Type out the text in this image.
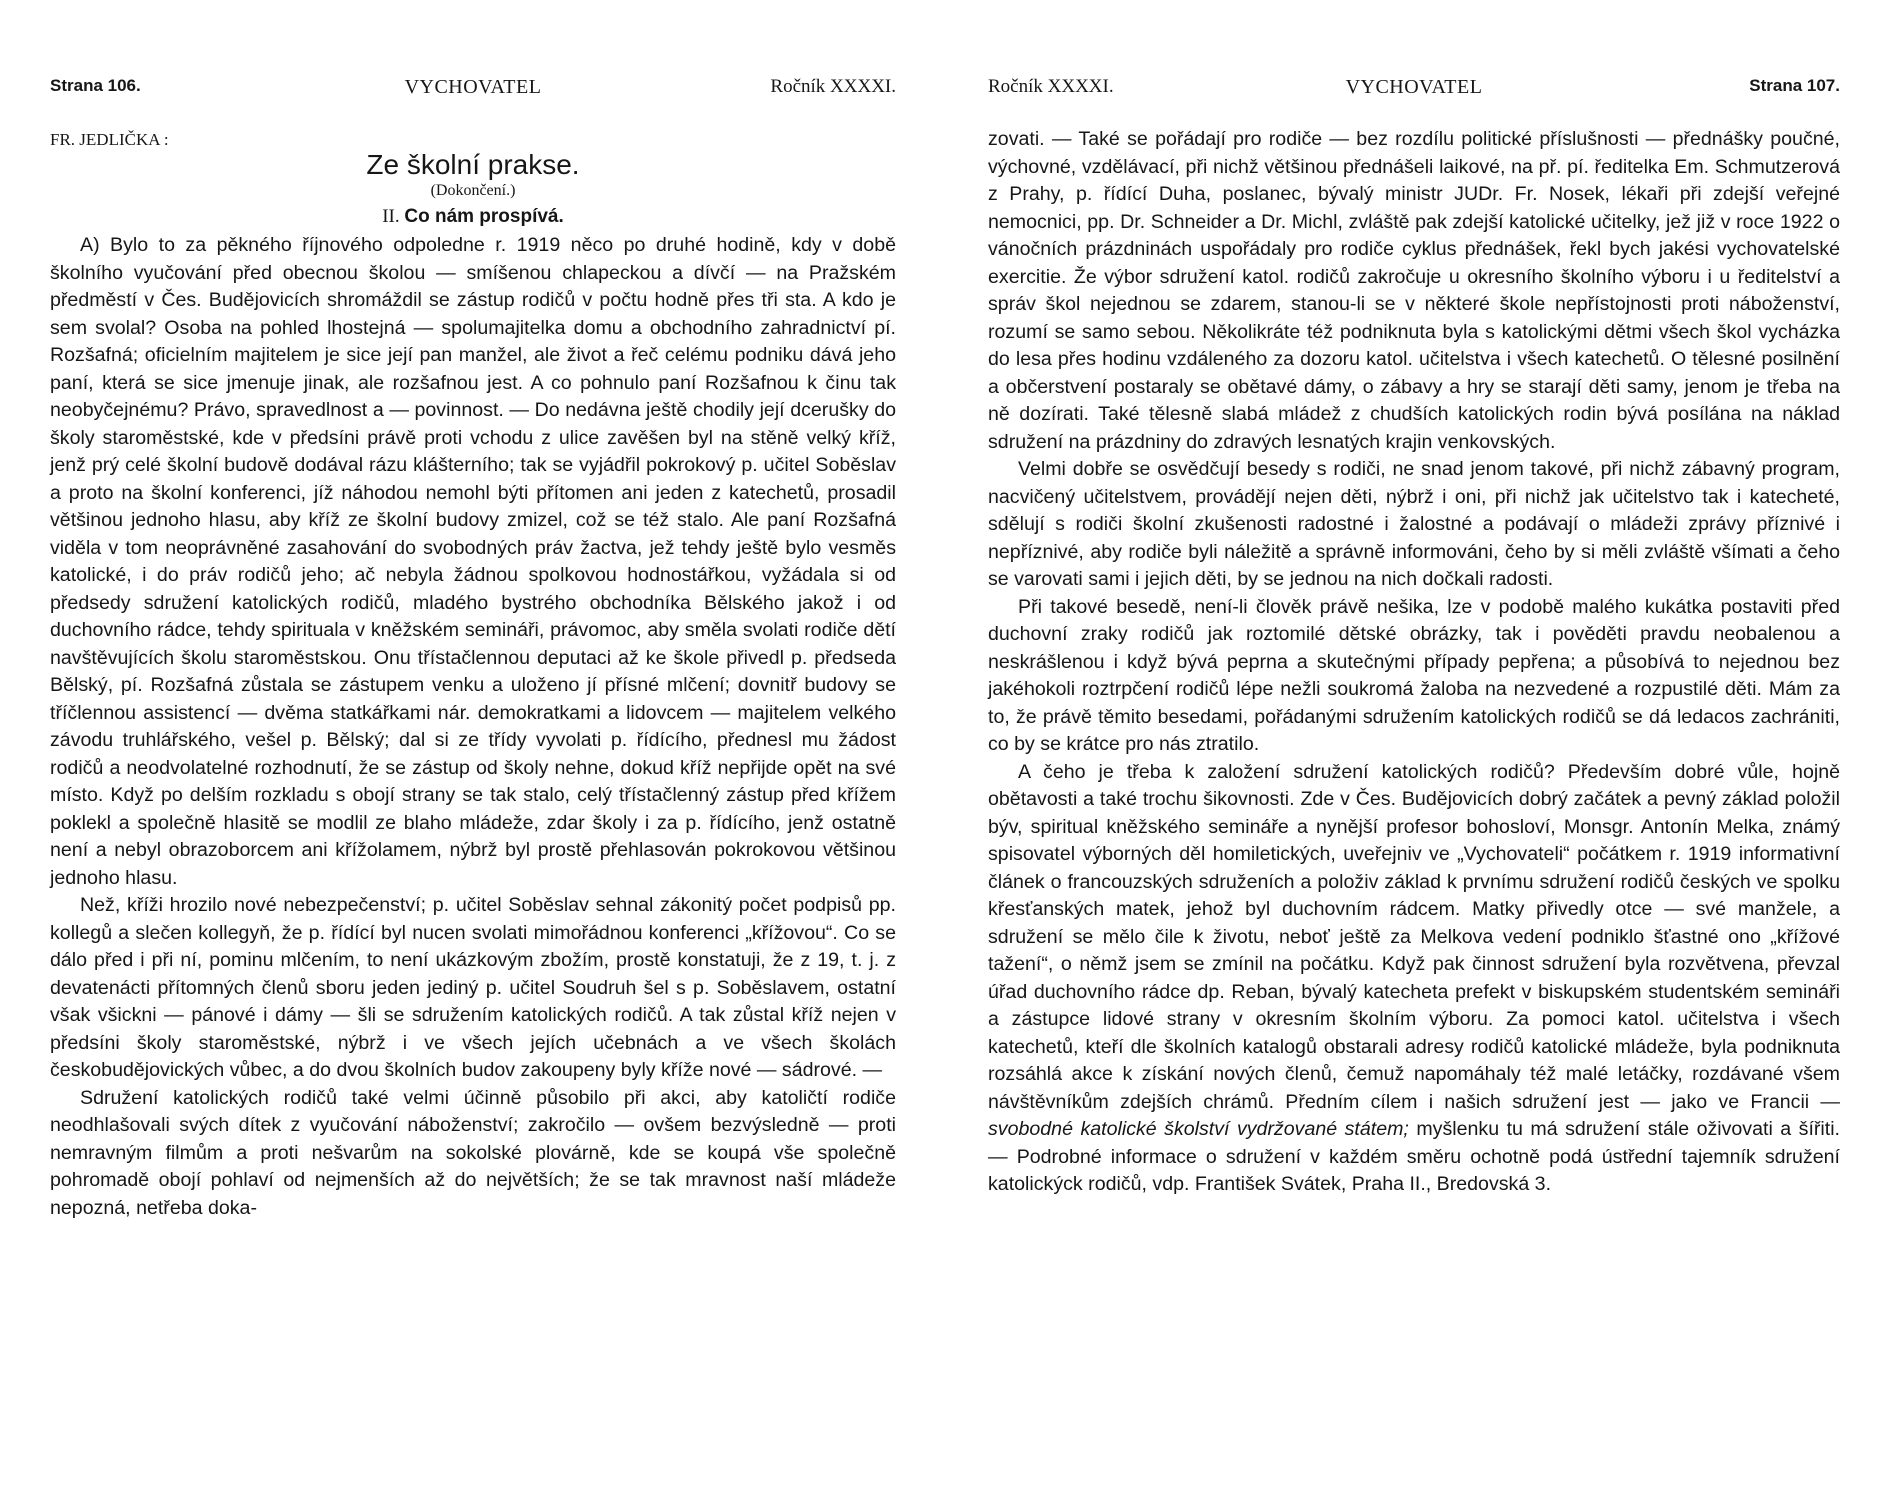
Strana 106.	VYCHOVATEL	Ročník XXXXI.
FR. JEDLIČKA :
Ze školní prakse.
(Dokončení.)
II. Co nám prospívá.

A) Bylo to za pěkného říjnového odpoledne r. 1919 něco po druhé hodině, kdy v době školního vyučování před obecnou školou — smíšenou chlapeckou a dívčí — na Pražském předměstí v Čes. Budějovicích shromáždil se zástup rodičů v počtu hodně přes tři sta. A kdo je sem svolal? Osoba na pohled lhostejná — spolumajitelka domu a obchodního zahradnictví pí. Rozšafná; oficielním majitelem je sice její pan manžel, ale život a řeč celému podniku dává jeho paní, která se sice jmenuje jinak, ale rozšafnou jest. A co pohnulo paní Rozšafnou k činu tak neobyčejnému? Právo, spravedlnost a — povinnost. — Do nedávna ještě chodily její dcerušky do školy staroměstské, kde v předsíni právě proti vchodu z ulice zavěšen byl na stěně velký kříž, jenž prý celé školní budově dodával rázu klášterního; tak se vyjádřil pokrokový p. učitel Soběslav a proto na školní konferenci, jíž náhodou nemohl býti přítomen ani jeden z katechetů, prosadil většinou jednoho hlasu, aby kříž ze školní budovy zmizel, což se též stalo. Ale paní Rozšafná viděla v tom neoprávněné zasahování do svobodných práv žactva, jež tehdy ještě bylo vesměs katolické, i do práv rodičů jeho; ač nebyla žádnou spolkovou hodnostářkou, vyžádala si od předsedy sdružení katolických rodičů, mladého bystrého obchodníka Bělského jakož i od duchovního rádce, tehdy spirituala v kněžském semináři, právomoc, aby směla svolati rodiče dětí navštěvujících školu staroměstskou. Onu třístačlennou deputaci až ke škole přivedl p. předseda Bělský, pí. Rozšafná zůstala se zástupem venku a uloženo jí přísné mlčení; dovnitř budovy se tříčlennou assistencí — dvěma statkářkami nár. demokratkami a lidovcem — majitelem velkého závodu truhlářského, vešel p. Bělský; dal si ze třídy vyvolati p. řídícího, přednesl mu žádost rodičů a neodvolatelné rozhodnutí, že se zástup od školy nehne, dokud kříž nepřijde opět na své místo. Když po delším rozkladu s obojí strany se tak stalo, celý třístačlenný zástup před křížem poklekl a společně hlasitě se modlil ze blaho mládeže, zdar školy i za p. řídícího, jenž ostatně není a nebyl obrazoborcem ani křížolamem, nýbrž byl prostě přehlasován pokrokovou většinou jednoho hlasu.

Než, kříži hrozilo nové nebezpečenství; p. učitel Soběslav sehnal zákonitý počet podpisů pp. kollegů a slečen kollegyň, že p. řídící byl nucen svolati mimořádnou konferenci „křížovou“. Co se dálo před i při ní, pominu mlčením, to není ukázkovým zbožím, prostě konstatuji, že z 19, t. j. z devatenácti přítomných členů sboru jeden jediný p. učitel Soudruh šel s p. Soběslavem, ostatní však všickni — pánové i dámy — šli se sdružením katolických rodičů. A tak zůstal kříž nejen v předsíni školy staroměstské, nýbrž i ve všech jejích učebnách a ve všech školách českobudějovických vůbec, a do dvou školních budov zakoupeny byly kříže nové — sádrové. —

Sdružení katolických rodičů také velmi účinně působilo při akci, aby katoličtí rodiče neodhlašovali svých dítek z vyučování náboženství; zakročilo — ovšem bezvýsledně — proti nemravným filmům a proti nešvarům na sokolské plovárně, kde se koupá vše společně pohromadě obojí pohlaví od nejmenších až do největších; že se tak mravnost naší mládeže nepozná, netřeba doka-

Ročník XXXXI.	VYCHOVATEL	Strana 107.

zovati. — Také se pořádají pro rodiče — bez rozdílu politické příslušnosti — přednášky poučné, výchovné, vzdělávací, při nichž většinou přednášeli laikové, na př. pí. ředitelka Em. Schmutzerová z Prahy, p. řídící Duha, poslanec, bývalý ministr JUDr. Fr. Nosek, lékaři při zdejší veřejné nemocnici, pp. Dr. Schneider a Dr. Michl, zvláště pak zdejší katolické učitelky, jež již v roce 1922 o vánočních prázdninách uspořádaly pro rodiče cyklus přednášek, řekl bych jakési vychovatelské exercitie. Že výbor sdružení katol. rodičů zakročuje u okresního školního výboru i u ředitelství a správ škol nejednou se zdarem, stanou-li se v některé škole nepřístojnosti proti náboženství, rozumí se samo sebou. Několikráte též podniknuta byla s katolickými dětmi všech škol vycházka do lesa přes hodinu vzdáleného za dozoru katol. učitelstva i všech katechetů. O tělesné posilnění a občerstvení postaraly se obětavé dámy, o zábavy a hry se starají děti samy, jenom je třeba na ně dozírati. Také tělesně slabá mládež z chudších katolických rodin bývá posílána na náklad sdružení na prázdniny do zdravých lesnatých krajin venkovských.

Velmi dobře se osvědčují besedy s rodiči, ne snad jenom takové, při nichž zábavný program, nacvičený učitelstvem, provádějí nejen děti, nýbrž i oni, při nichž jak učitelstvo tak i katecheté, sdělují s rodiči školní zkušenosti radostné i žalostné a podávají o mládeži zprávy příznivé i nepříznivé, aby rodiče byli náležitě a správně informováni, čeho by si měli zvláště všímati a čeho se varovati sami i jejich děti, by se jednou na nich dočkali radosti.

Při takové besedě, není-li člověk právě nešika, lze v podobě malého kukátka postaviti před duchovní zraky rodičů jak roztomilé dětské obrázky, tak i pověděti pravdu neobalenou a neskrášlenou i když bývá peprna a skutečnými případy pepřena; a působívá to nejednou bez jakéhokoli roztrpčení rodičů lépe nežli soukromá žaloba na nezvedené a rozpustilé děti. Mám za to, že právě těmito besedami, pořádanými sdružením katolických rodičů se dá ledacos zachrániti, co by se krátce pro nás ztratilo.

A čeho je třeba k založení sdružení katolických rodičů? Především dobré vůle, hojně obětavosti a také trochu šikovnosti. Zde v Čes. Budějovicích dobrý začátek a pevný základ položil býv, spiritual kněžského semináře a nynější profesor bohosloví, Monsgr. Antonín Melka, známý spisovatel výborných děl homiletických, uveřejniv ve „Vychovateli“ počátkem r. 1919 informativní článek o francouzských sdruženích a položiv základ k prvnímu sdružení rodičů českých ve spolku křesťanských matek, jehož byl duchovním rádcem. Matky přivedly otce — své manžele, a sdružení se mělo čile k životu, neboť ještě za Melkova vedení podniklo šťastné ono „křížové tažení“, o němž jsem se zmínil na počátku. Když pak činnost sdružení byla rozvětvena, převzal úřad duchovního rádce dp. Reban, bývalý katecheta prefekt v biskupském studentském semináři a zástupce lidové strany v okresním školním výboru. Za pomoci katol. učitelstva i všech katechetů, kteří dle školních katalogů obstarali adresy rodičů katolické mládeže, byla podniknuta rozsáhlá akce k získání nových členů, čemuž napomáhaly též malé letáčky, rozdávané všem návštěvníkům zdejších chrámů. Předním cílem i našich sdružení jest — jako ve Francii — svobodné katolické školství vydržované státem; myšlenku tu má sdružení stále oživovati a šířiti. — Podrobné informace o sdružení v každém směru ochotně podá ústřední tajemník sdružení katolickýck rodičů, vdp. František Svátek, Praha II., Bredovská 3.
